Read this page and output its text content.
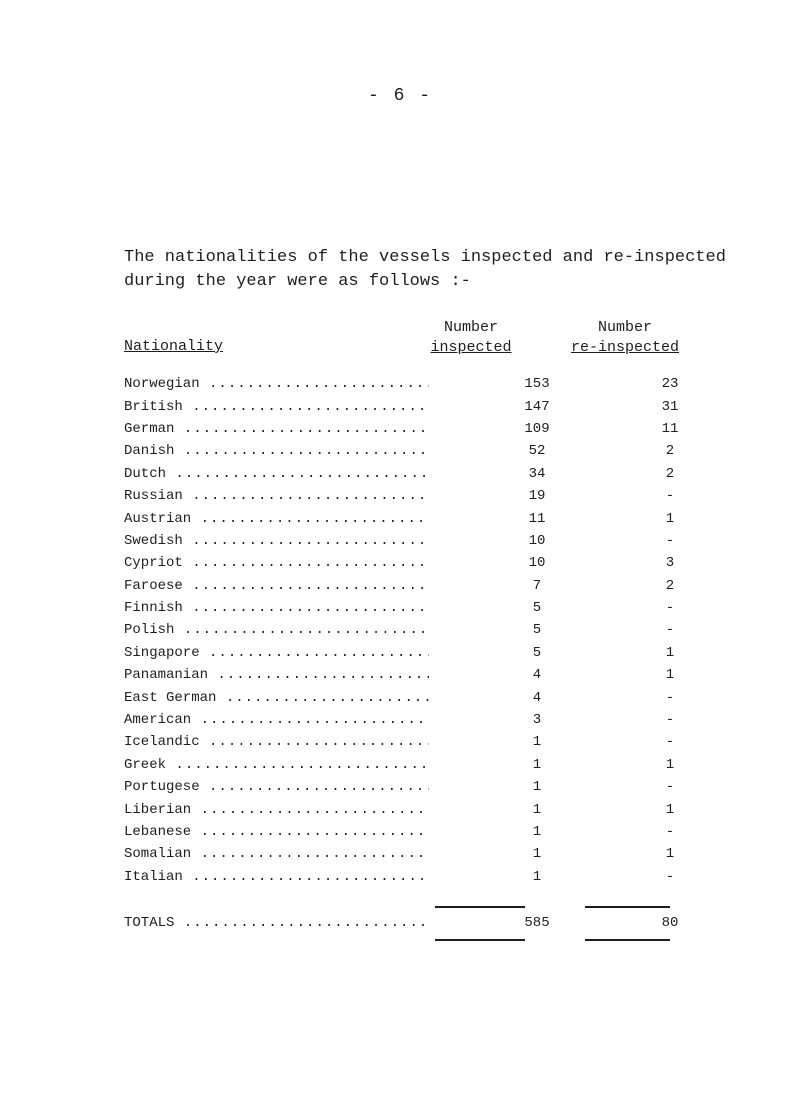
- 6 -
The nationalities of the vessels inspected and re-inspected
during the year were as follows :-
Nationality
Number
inspected
Number
re-inspected
Norwegian .....	153	23
British .....	147	31
German .....	109	11
Danish .....	52	2
Dutch .....	34	2
Russian .....	19	-
Austrian .....	11	1
Swedish .....	10	-
Cypriot .....	10	3
Faroese .....	7	2
Finnish .....	5	-
Polish .....	5	-
Singapore .....	5	1
Panamanian .....	4	1
East German .....	4	-
American .....	3	-
Icelandic .....	1	-
Greek .....	1	1
Portugese .....	1	-
Liberian .....	1	1
Lebanese .....	1	-
Somalian .....	1	1
Italian .....	1	-
TOTALS .....	585	80
